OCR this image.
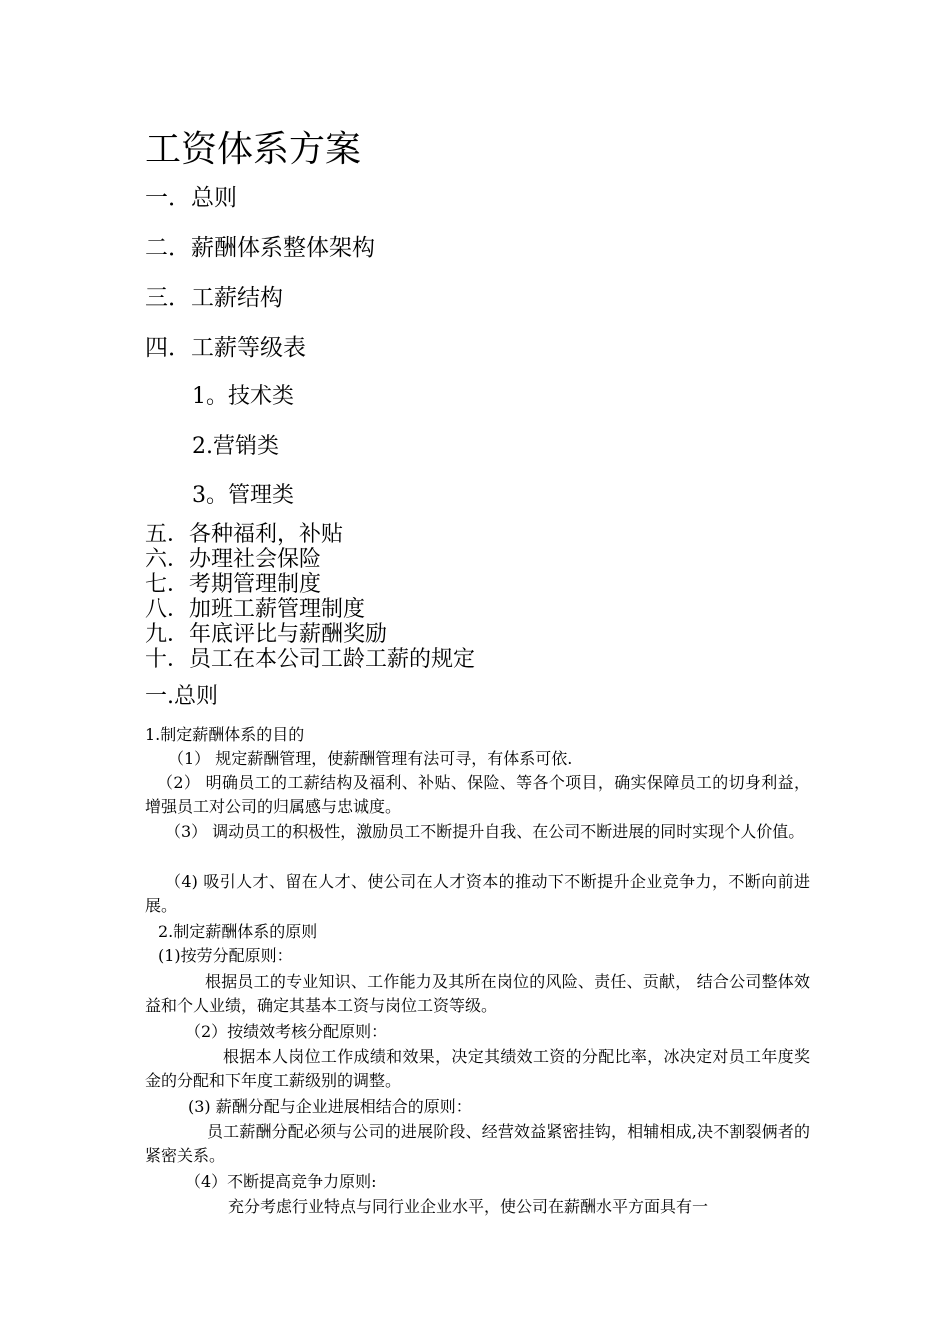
工资体系方案
一．总则
二．薪酬体系整体架构
三．工薪结构
四．工薪等级表
1。技术类
2.营销类
3。管理类
五．各种福利，补贴
六．办理社会保险
七．考期管理制度
八．加班工薪管理制度
九．年底评比与薪酬奖励
十．员工在本公司工龄工薪的规定
一.总则
1.制定薪酬体系的目的
（1） 规定薪酬管理，使薪酬管理有法可寻，有体系可依.
（2） 明确员工的工薪结构及福利、补贴、保险、等各个项目，确实保障员工的切身利益，增强员工对公司的归属感与忠诚度。
（3） 调动员工的积极性，激励员工不断提升自我、在公司不断进展的同时实现个人价值。
（4) 吸引人才、留在人才、使公司在人才资本的推动下不断提升企业竞争力，不断向前进展。
2.制定薪酬体系的原则
(1)按劳分配原则：
根据员工的专业知识、工作能力及其所在岗位的风险、责任、贡献， 结合公司整体效益和个人业绩，确定其基本工资与岗位工资等级。
（2）按绩效考核分配原则：
根据本人岗位工作成绩和效果，决定其绩效工资的分配比率，冰决定对员工年度奖金的分配和下年度工薪级别的调整。
(3) 薪酬分配与企业进展相结合的原则：
员工薪酬分配必须与公司的进展阶段、经营效益紧密挂钩，相辅相成,决不割裂俩者的紧密关系。
（4）不断提高竞争力原则:
充分考虑行业特点与同行业企业水平，使公司在薪酬水平方面具有一
